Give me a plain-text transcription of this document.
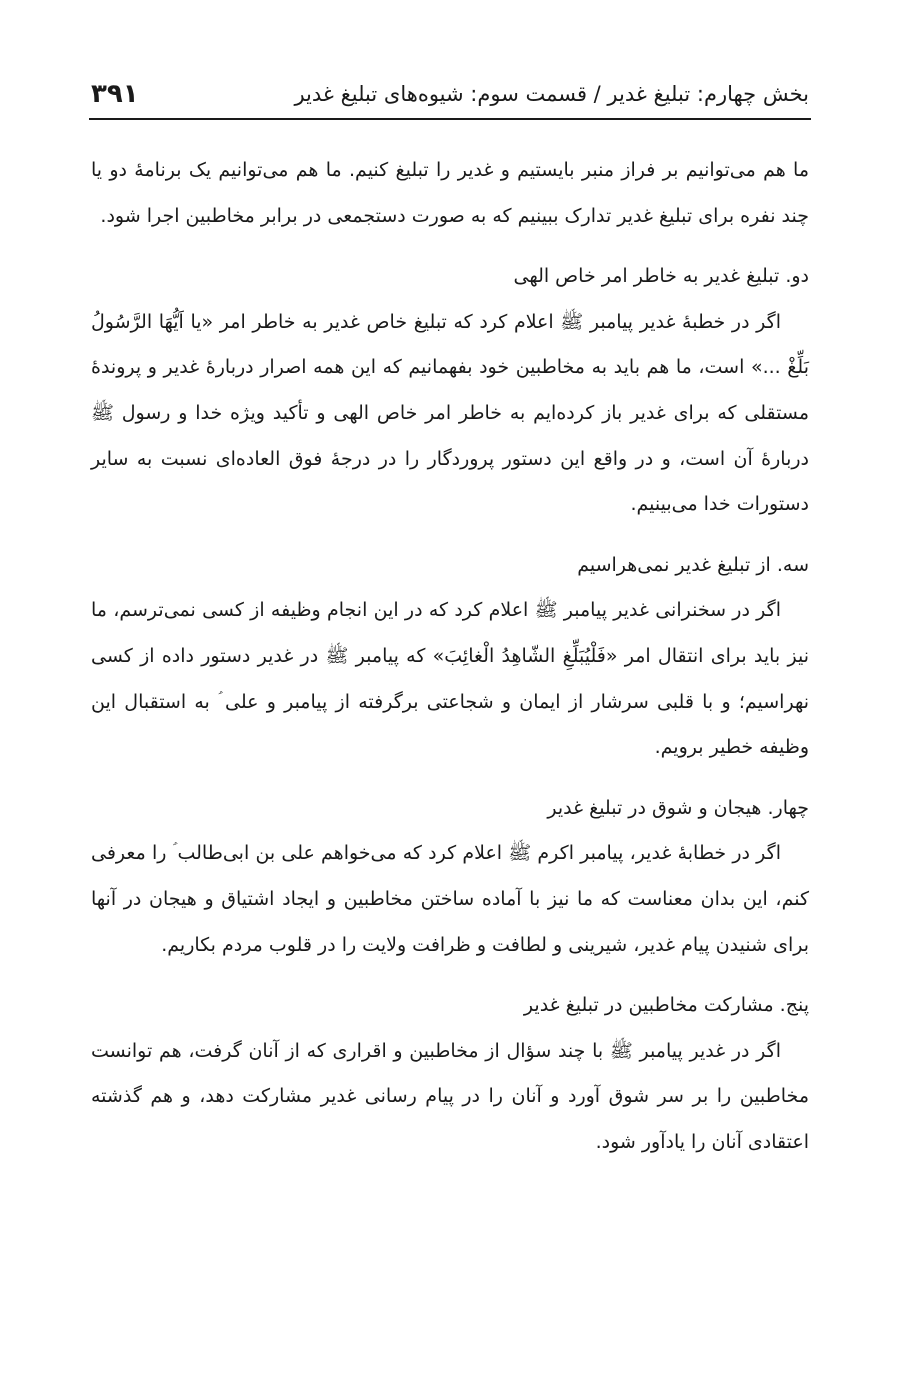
بخش چهارم: تبلیغ غدیر / قسمت سوم: شیوه‌های تبلیغ غدیر
۳۹۱

ما هم می‌توانیم بر فراز منبر بایستیم و غدیر را تبلیغ کنیم. ما هم می‌توانیم یک برنامهٔ دو یا چند نفره برای تبلیغ غدیر تدارک ببینیم که به صورت دستجمعی در برابر مخاطبین اجرا شود.

دو. تبلیغ غدیر به خاطر امر خاص الهی

اگر در خطبهٔ غدیر پیامبر ﷺ اعلام کرد که تبلیغ خاص غدیر به خاطر امر «یا اَیُّهَا الرَّسُولُ بَلِّغْ ...» است، ما هم باید به مخاطبین خود بفهمانیم که این همه اصرار دربارهٔ غدیر و پروندهٔ مستقلی که برای غدیر باز کرده‌ایم به خاطر امر خاص الهی و تأکید ویژه خدا و رسول ﷺ دربارهٔ آن است، و در واقع این دستور پروردگار را در درجهٔ فوق العاده‌ای نسبت به سایر دستورات خدا می‌بینیم.

سه. از تبلیغ غدیر نمی‌هراسیم

اگر در سخنرانی غدیر پیامبر ﷺ اعلام کرد که در این انجام وظیفه از کسی نمی‌ترسم، ما نیز باید برای انتقال امر «فَلْیُبَلِّغِ الشّاهِدُ الْغائِبَ» که پیامبر ﷺ در غدیر دستور داده از کسی نهراسیم؛ و با قلبی سرشار از ایمان و شجاعتی برگرفته از پیامبر و علی ؑ به استقبال این وظیفه خطیر برویم.

چهار. هیجان و شوق در تبلیغ غدیر

اگر در خطابهٔ غدیر، پیامبر اکرم ﷺ اعلام کرد که می‌خواهم علی بن ابی‌طالب ؑ را معرفی کنم، این بدان معناست که ما نیز با آماده ساختن مخاطبین و ایجاد اشتیاق و هیجان در آنها برای شنیدن پیام غدیر، شیرینی و لطافت و ظرافت ولایت را در قلوب مردم بکاریم.

پنج. مشارکت مخاطبین در تبلیغ غدیر

اگر در غدیر پیامبر ﷺ با چند سؤال از مخاطبین و اقراری که از آنان گرفت، هم توانست مخاطبین را بر سر شوق آورد و آنان را در پیام رسانی غدیر مشارکت دهد، و هم گذشته اعتقادی آنان را یادآور شود.
